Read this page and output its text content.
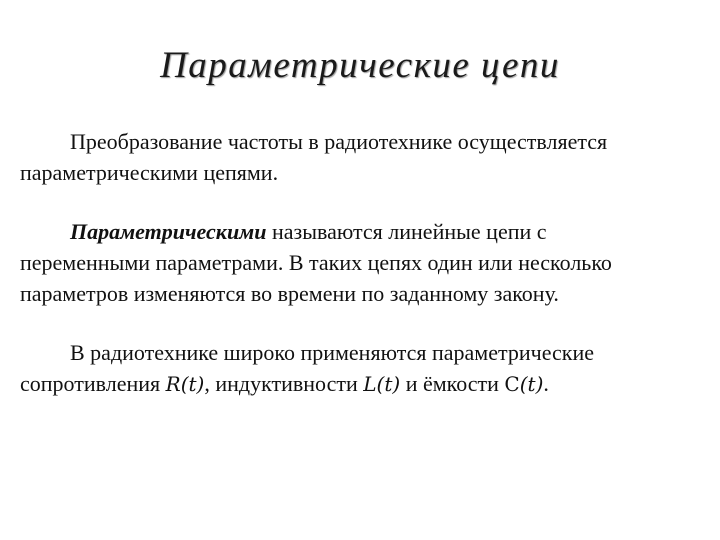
Параметрические цепи

Преобразование частоты в радиотехнике осуществляется параметрическими цепями.

Параметрическими называются линейные цепи с переменными параметрами. В таких цепях один или несколько параметров изменяются во времени по заданному закону.

В радиотехнике широко применяются параметрические сопротивления R(t), индуктивности L(t) и ёмкости C(t).
